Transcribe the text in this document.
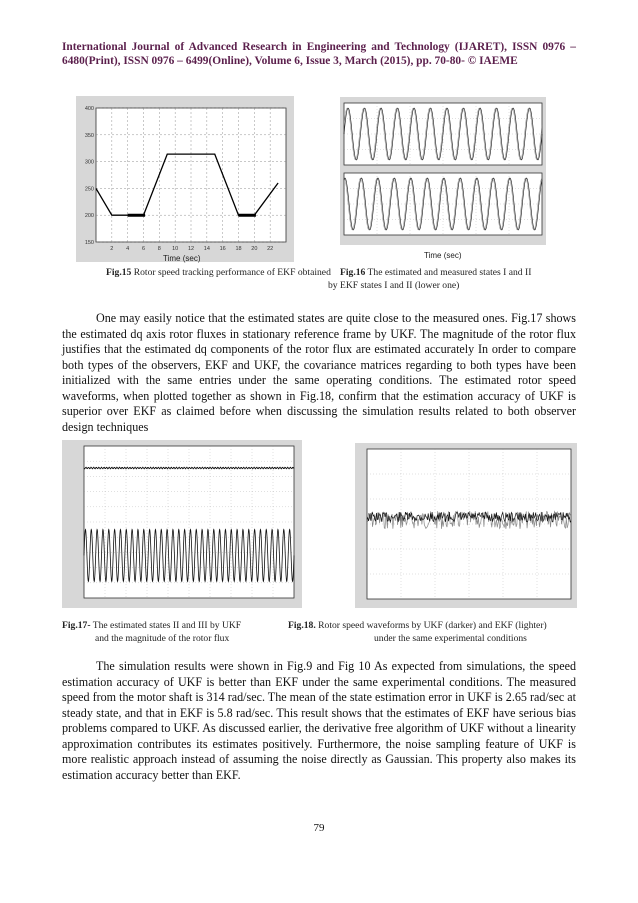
International Journal of Advanced Research in Engineering and Technology (IJARET), ISSN 0976 – 6480(Print), ISSN 0976 – 6499(Online), Volume 6, Issue 3, March (2015), pp. 70-80- © IAEME
2 4 6 8 10 12 14 16 18 20 22
150
200
250
300
350
400
Time (sec)	Time (sec)
Fig.15 Rotor speed tracking performance of EKF obtained Fig.16 The estimated and measured states I and II
by EKF states I and II (lower one)

One may easily notice that the estimated states are quite close to the measured ones. Fig.17 shows the estimated dq axis rotor fluxes in stationary reference frame by UKF. The magnitude of the rotor flux justifies that the estimated dq components of the rotor flux are estimated accurately In order to compare both types of the observers, EKF and UKF, the covariance matrices regarding to both types have been initialized with the same entries under the same operating conditions. The estimated rotor speed waveforms, when plotted together as shown in Fig.18, confirm that the estimation accuracy of UKF is superior over EKF as claimed before when discussing the simulation results related to both observer design techniques

Fig.17- The estimated states II and III by UKF
and the magnitude of the rotor flux
Fig.18. Rotor speed waveforms by UKF (darker) and EKF (lighter)
under the same experimental conditions

The simulation results were shown in Fig.9 and Fig 10 As expected from simulations, the speed estimation accuracy of UKF is better than EKF under the same experimental conditions. The measured speed from the motor shaft is 314 rad/sec. The mean of the state estimation error in UKF is 2.65 rad/sec at steady state, and that in EKF is 5.8 rad/sec. This result shows that the estimates of EKF have serious bias problems compared to UKF. As discussed earlier, the derivative free algorithm of UKF without a linearity approximation contributes its estimates positively. Furthermore, the noise sampling feature of UKF is more realistic approach instead of assuming the noise directly as Gaussian. This property also makes its estimation accuracy better than EKF.

79
